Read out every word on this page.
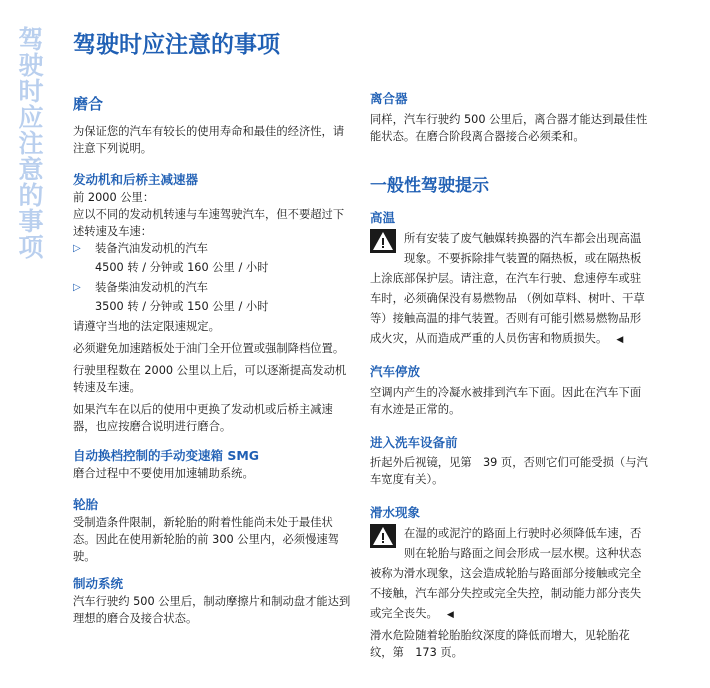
驾驶时应注意的事项 驾驶时应注意的事项
磨合

为保证您的汽车有较长的使用寿命和最佳的经济性，请注意下列说明。

发动机和后桥主减速器

前 2000 公里：

应以不同的发动机转速与车速驾驶汽车，但不要超过下述转速及车速：

▷	装备汽油发动机的汽车
4500 转 / 分钟或 160 公里 / 小时
▷	装备柴油发动机的汽车
3500 转 / 分钟或 150 公里 / 小时

请遵守当地的法定限速规定。

必须避免加速踏板处于油门全开位置或强制降档位置。

行驶里程数在 2000 公里以上后，可以逐渐提高发动机转速及车速。

如果汽车在以后的使用中更换了发动机或后桥主减速器，也应按磨合说明进行磨合。

自动换档控制的手动变速箱 SMG

磨合过程中不要使用加速辅助系统。

轮胎

受制造条件限制，新轮胎的附着性能尚未处于最佳状态。因此在使用新轮胎的前 300 公里内，必须慢速驾驶。

制动系统

汽车行驶约 500 公里后，制动摩擦片和制动盘才能达到理想的磨合及接合状态。

离合器

同样，汽车行驶约 500 公里后，离合器才能达到最佳性能状态。在磨合阶段离合器接合必须柔和。

一般性驾驶提示
高温

所有安装了废气触媒转换器的汽车都会出现高温现象。不要拆除排气装置的隔热板，或在隔热板上涂底部保护层。请注意，在汽车行驶、怠速停车或驻车时，必须确保没有易燃物品 （例如草料、树叶、干草等）接触高温的排气装置。否则有可能引燃易燃物品形成火灾，从而造成严重的人员伤害和物质损失。 ◀
汽车停放

空调内产生的冷凝水被排到汽车下面。因此在汽车下面有水迹是正常的。

进入洗车设备前

折起外后视镜，见第　39 页，否则它们可能受损（与汽车宽度有关）。

滑水现象

在湿的或泥泞的路面上行驶时必须降低车速，否则在轮胎与路面之间会形成一层水楔。这种状态被称为滑水现象，这会造成轮胎与路面部分接触或完全不接触，汽车部分失控或完全失控，制动能力部分丧失或完全丧失。 ◀

滑水危险随着轮胎胎纹深度的降低而增大，见轮胎花纹，第　173 页。
